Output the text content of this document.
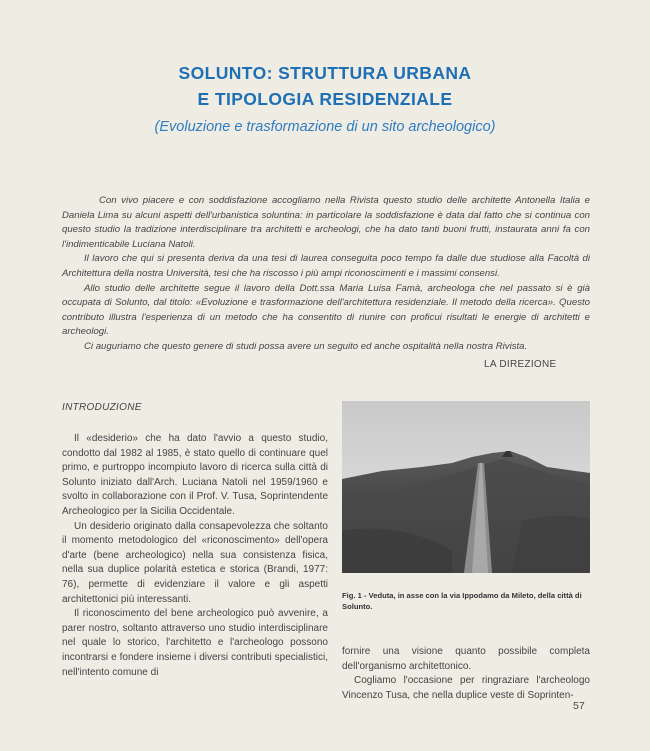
SOLUNTO: STRUTTURA URBANA
E TIPOLOGIA RESIDENZIALE
(Evoluzione e trasformazione di un sito archeologico)

Con vivo piacere e con soddisfazione accogliamo nella Rivista questo studio delle architette Antonella Italia e Daniela Lima su alcuni aspetti dell'urbanistica soluntina: in particolare la soddisfazione è data dal fatto che si continua con questo studio la tradizione interdisciplinare tra architetti e archeologi, che ha dato tanti buoni frutti, instaurata anni fa con l'indimenticabile Luciana Natoli.

Il lavoro che qui si presenta deriva da una tesi di laurea conseguita poco tempo fa dalle due studiose alla Facoltà di Architettura della nostra Università, tesi che ha riscosso i più ampi riconoscimenti e i massimi consensi.

Allo studio delle architette segue il lavoro della Dott.ssa Maria Luisa Famà, archeologa che nel passato si è già occupata di Solunto, dal titolo: «Evoluzione e trasformazione dell'architettura residenziale. Il metodo della ricerca». Questo contributo illustra l'esperienza di un metodo che ha consentito di riunire con proficui risultati le energie di architetti e archeologi.

Ci auguriamo che questo genere di studi possa avere un seguito ed anche ospitalità nella nostra Rivista.

LA DIREZIONE
INTRODUZIONE

Il «desiderio» che ha dato l'avvio a questo studio, condotto dal 1982 al 1985, è stato quello di continuare quel primo, e purtroppo incompiuto lavoro di ricerca sulla città di Solunto iniziato dall'Arch. Luciana Natoli nel 1959/1960 e svolto in collaborazione con il Prof. V. Tusa, Soprintendente Archeologico per la Sicilia Occidentale.

Un desiderio originato dalla consapevolezza che soltanto il momento metodologico del «riconoscimento» dell'opera d'arte (bene archeologico) nella sua consistenza fisica, nella sua duplice polarità estetica e storica (Brandi, 1977: 76), permette di evidenziare il valore e gli aspetti architettonici più interessanti.

Il riconoscimento del bene archeologico può avvenire, a parer nostro, soltanto attraverso uno studio interdisciplinare nel quale lo storico, l'architetto e l'archeologo possono incontrarsi e fondere insieme i diversi contributi specialistici, nell'intento comune di

Fig. 1 - Veduta, in asse con la via Ippodamo da Mileto, della città di Solunto.

fornire una visione quanto possibile completa dell'organismo architettonico.

Cogliamo l'occasione per ringraziare l'archeologo Vincenzo Tusa, che nella duplice veste di Soprinten-

57
